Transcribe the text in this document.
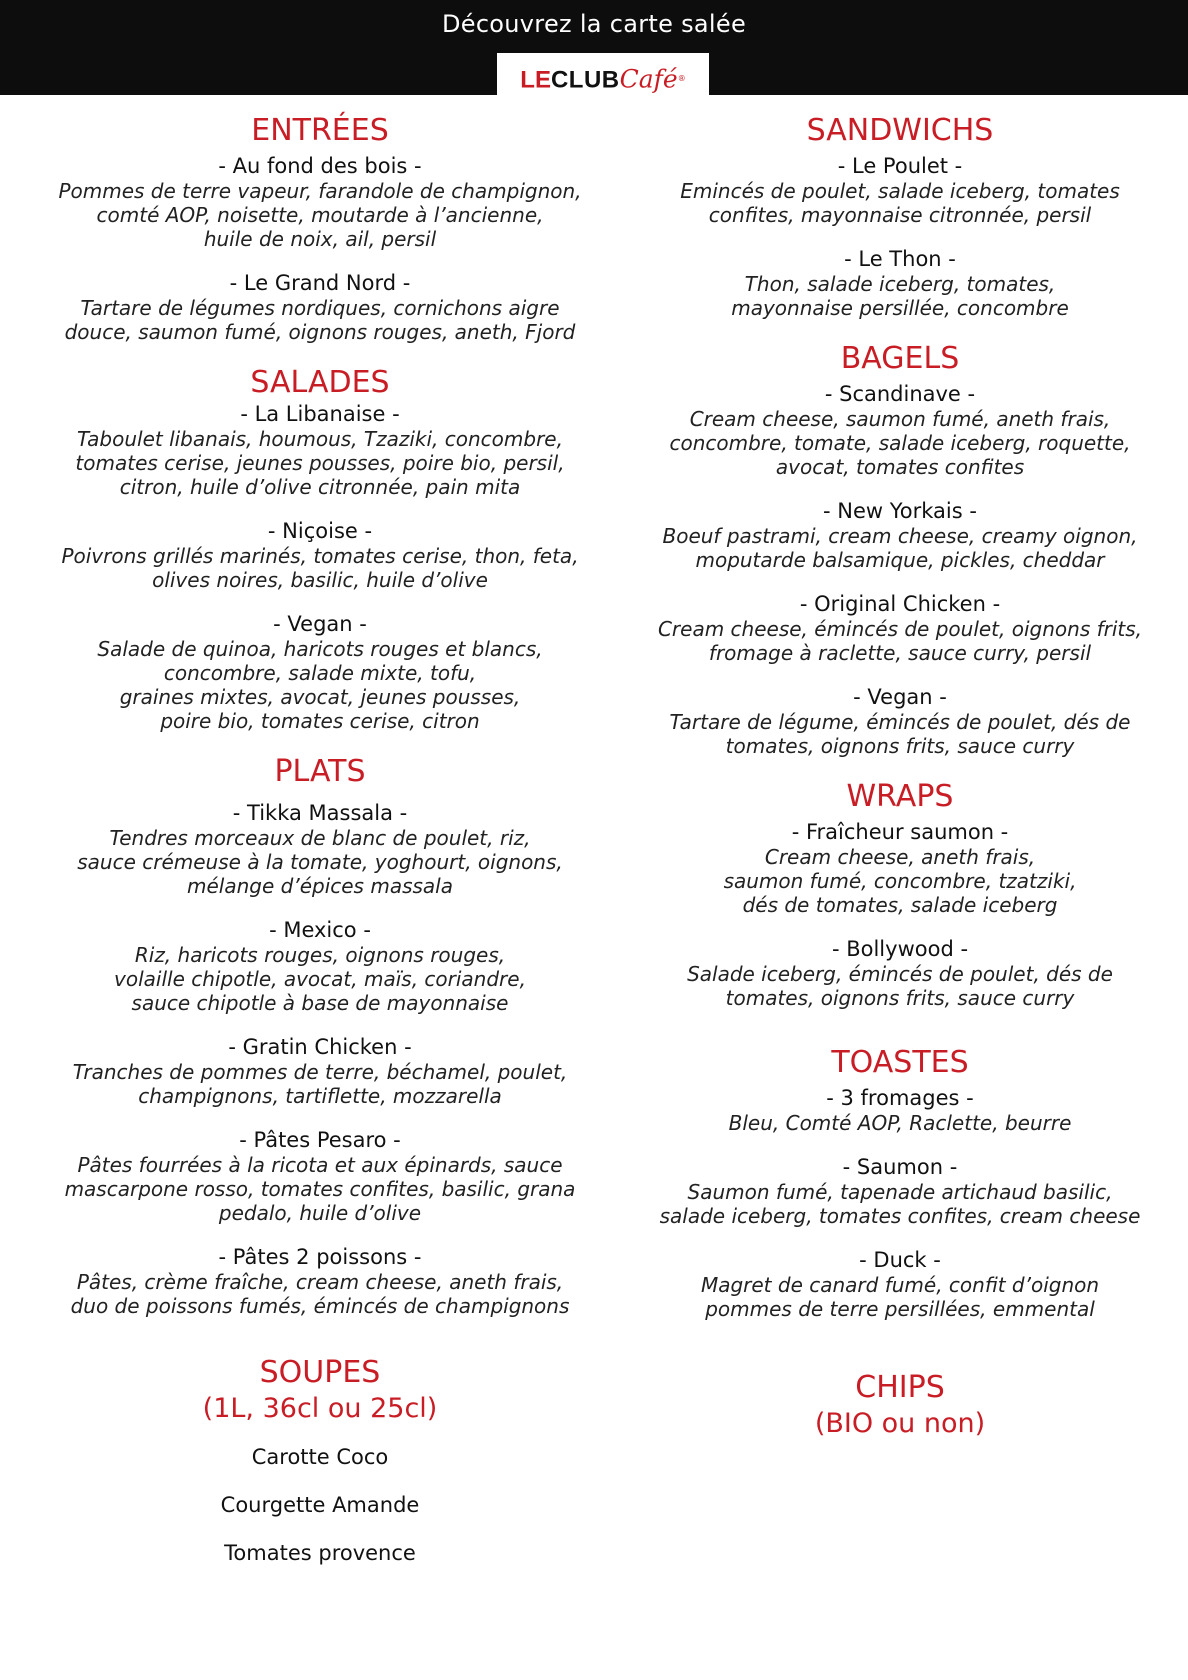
Découvrez la carte salée
LECLUBCafé®
ENTRÉES
- Au fond des bois -
Pommes de terre vapeur, farandole de champignon,
comté AOP, noisette, moutarde à l’ancienne,
huile de noix, ail, persil
- Le Grand Nord -
Tartare de légumes nordiques, cornichons aigre
douce, saumon fumé, oignons rouges, aneth, Fjord
SALADES
- La Libanaise -
Taboulet libanais, houmous, Tzaziki, concombre,
tomates cerise, jeunes pousses, poire bio, persil,
citron, huile d’olive citronnée, pain mita
- Niçoise -
Poivrons grillés marinés, tomates cerise, thon, feta,
olives noires, basilic, huile d’olive
- Vegan -
Salade de quinoa, haricots rouges et blancs,
concombre, salade mixte, tofu,
graines mixtes, avocat, jeunes pousses,
poire bio, tomates cerise, citron
PLATS
- Tikka Massala -
Tendres morceaux de blanc de poulet, riz,
sauce crémeuse à la tomate, yoghourt, oignons,
mélange d’épices massala
- Mexico -
Riz, haricots rouges, oignons rouges,
volaille chipotle, avocat, maïs, coriandre,
sauce chipotle à base de mayonnaise
- Gratin Chicken -
Tranches de pommes de terre, béchamel, poulet,
champignons, tartiflette, mozzarella
- Pâtes Pesaro -
Pâtes fourrées à la ricota et aux épinards, sauce
mascarpone rosso, tomates confites, basilic, grana
pedalo, huile d’olive
- Pâtes 2 poissons -
Pâtes, crème fraîche, cream cheese, aneth frais,
duo de poissons fumés, émincés de champignons
SOUPES
(1L, 36cl ou 25cl)
Carotte Coco
Courgette Amande
Tomates provence
SANDWICHS
- Le Poulet -
Emincés de poulet, salade iceberg, tomates
confites, mayonnaise citronnée, persil
- Le Thon -
Thon, salade iceberg, tomates,
mayonnaise persillée, concombre
BAGELS
- Scandinave -
Cream cheese, saumon fumé, aneth frais,
concombre, tomate, salade iceberg, roquette,
avocat, tomates confites
- New Yorkais -
Boeuf pastrami, cream cheese, creamy oignon,
moputarde balsamique, pickles, cheddar
- Original Chicken -
Cream cheese, émincés de poulet, oignons frits,
fromage à raclette, sauce curry, persil
- Vegan -
Tartare de légume, émincés de poulet, dés de
tomates, oignons frits, sauce curry
WRAPS
- Fraîcheur saumon -
Cream cheese, aneth frais,
saumon fumé, concombre, tzatziki,
dés de tomates, salade iceberg
- Bollywood -
Salade iceberg, émincés de poulet, dés de
tomates, oignons frits, sauce curry
TOASTES
- 3 fromages -
Bleu, Comté AOP, Raclette, beurre
- Saumon -
Saumon fumé, tapenade artichaud basilic,
salade iceberg, tomates confites, cream cheese
- Duck -
Magret de canard fumé, confit d’oignon
pommes de terre persillées, emmental
CHIPS
(BIO ou non)
